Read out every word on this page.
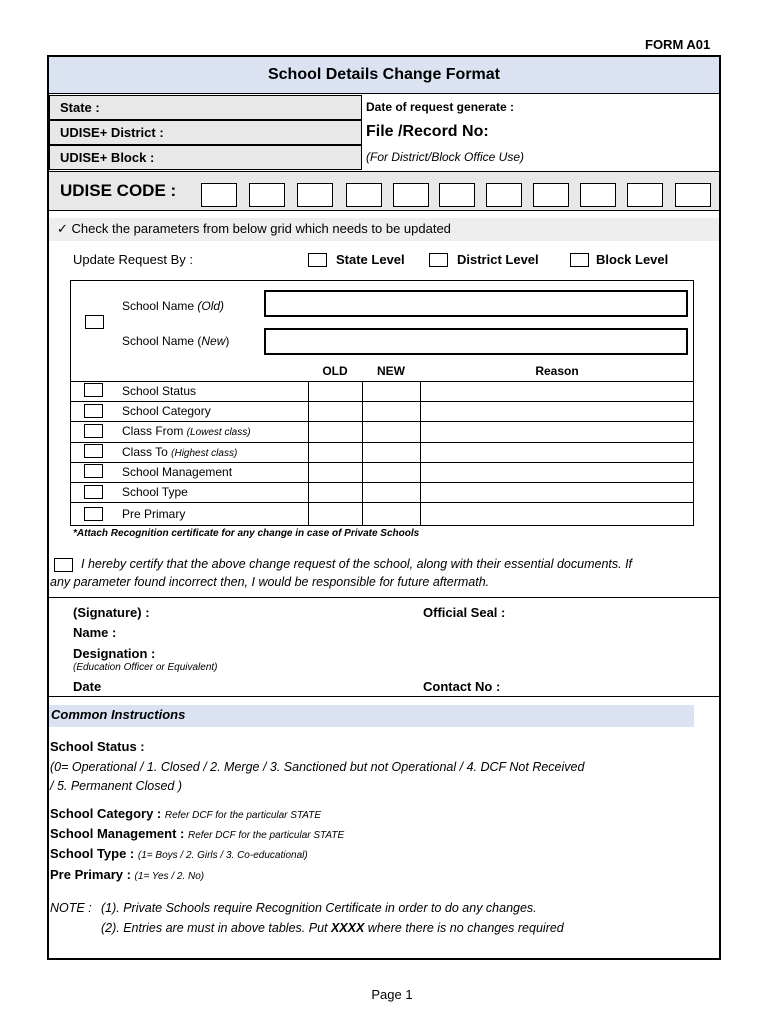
FORM A01
School Details Change Format
State :
UDISE+ District :
UDISE+ Block :
Date of request generate :
File /Record No:
(For District/Block Office Use)
UDISE CODE :
✓ Check the parameters from below grid which needs to be updated
Update Request By :	State Level	District Level	Block Level
School Name (Old)
School Name (New)
OLD	NEW	Reason
School Status
School Category
Class From (Lowest class)
Class To (Highest class)
School Management
School Type
Pre Primary
*Attach Recognition certificate for any change in case of Private Schools
I hereby certify that the above change request of the school, along with their essential documents. If
any parameter found incorrect then, I would be responsible for future aftermath.
(Signature) :	Official Seal :
Name :
Designation :
(Education Officer or Equivalent)
Date	Contact No :
Common Instructions
School Status :
(0= Operational / 1. Closed / 2. Merge / 3. Sanctioned but not Operational / 4. DCF Not Received
/ 5. Permanent Closed )
School Category : Refer DCF for the particular STATE
School Management : Refer DCF for the particular STATE
School Type : (1= Boys / 2. Girls / 3. Co-educational)
Pre Primary : (1= Yes / 2. No)
NOTE : (1). Private Schools require Recognition Certificate in order to do any changes.
(2). Entries are must in above tables. Put XXXX where there is no changes required
Page 1
